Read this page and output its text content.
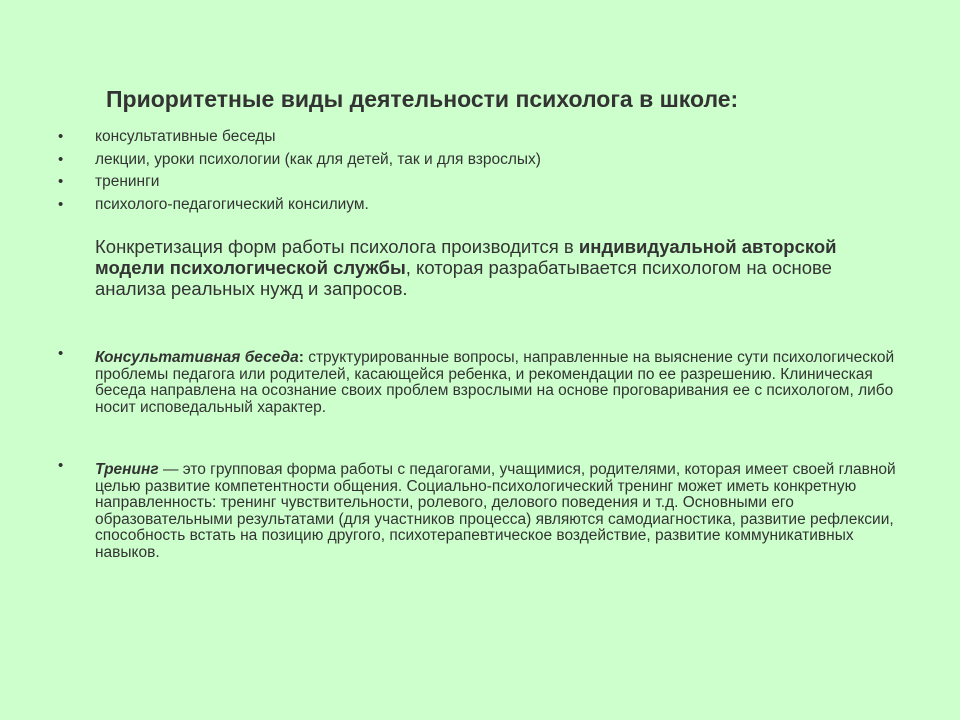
Приоритетные виды деятельности психолога в школе:
• консультативные беседы
• лекции, уроки психологии (как для детей, так и для взрослых)
• тренинги
• психолого-педагогический консилиум.
Конкретизация форм работы психолога производится в индивидуальной авторской модели психологической службы, которая разрабатывается психологом на основе анализа реальных нужд и запросов.
• Консультативная беседа: структурированные вопросы, направленные на выяснение сути психологической проблемы педагога или родителей, касающейся ребенка, и рекомендации по ее разрешению. Клиническая беседа направлена на осознание своих проблем взрослыми на основе проговаривания ее с психологом, либо носит исповедальный характер.
• Тренинг — это групповая форма работы с педагогами, учащимися, родителями, которая имеет своей главной целью развитие компетентности общения. Социально-психологический тренинг может иметь конкретную направленность: тренинг чувствительности, ролевого, делового поведения и т.д. Основными его образовательными результатами (для участников процесса) являются самодиагностика, развитие рефлексии, способность встать на позицию другого, психотерапевтическое воздействие, развитие коммуникативных навыков.
